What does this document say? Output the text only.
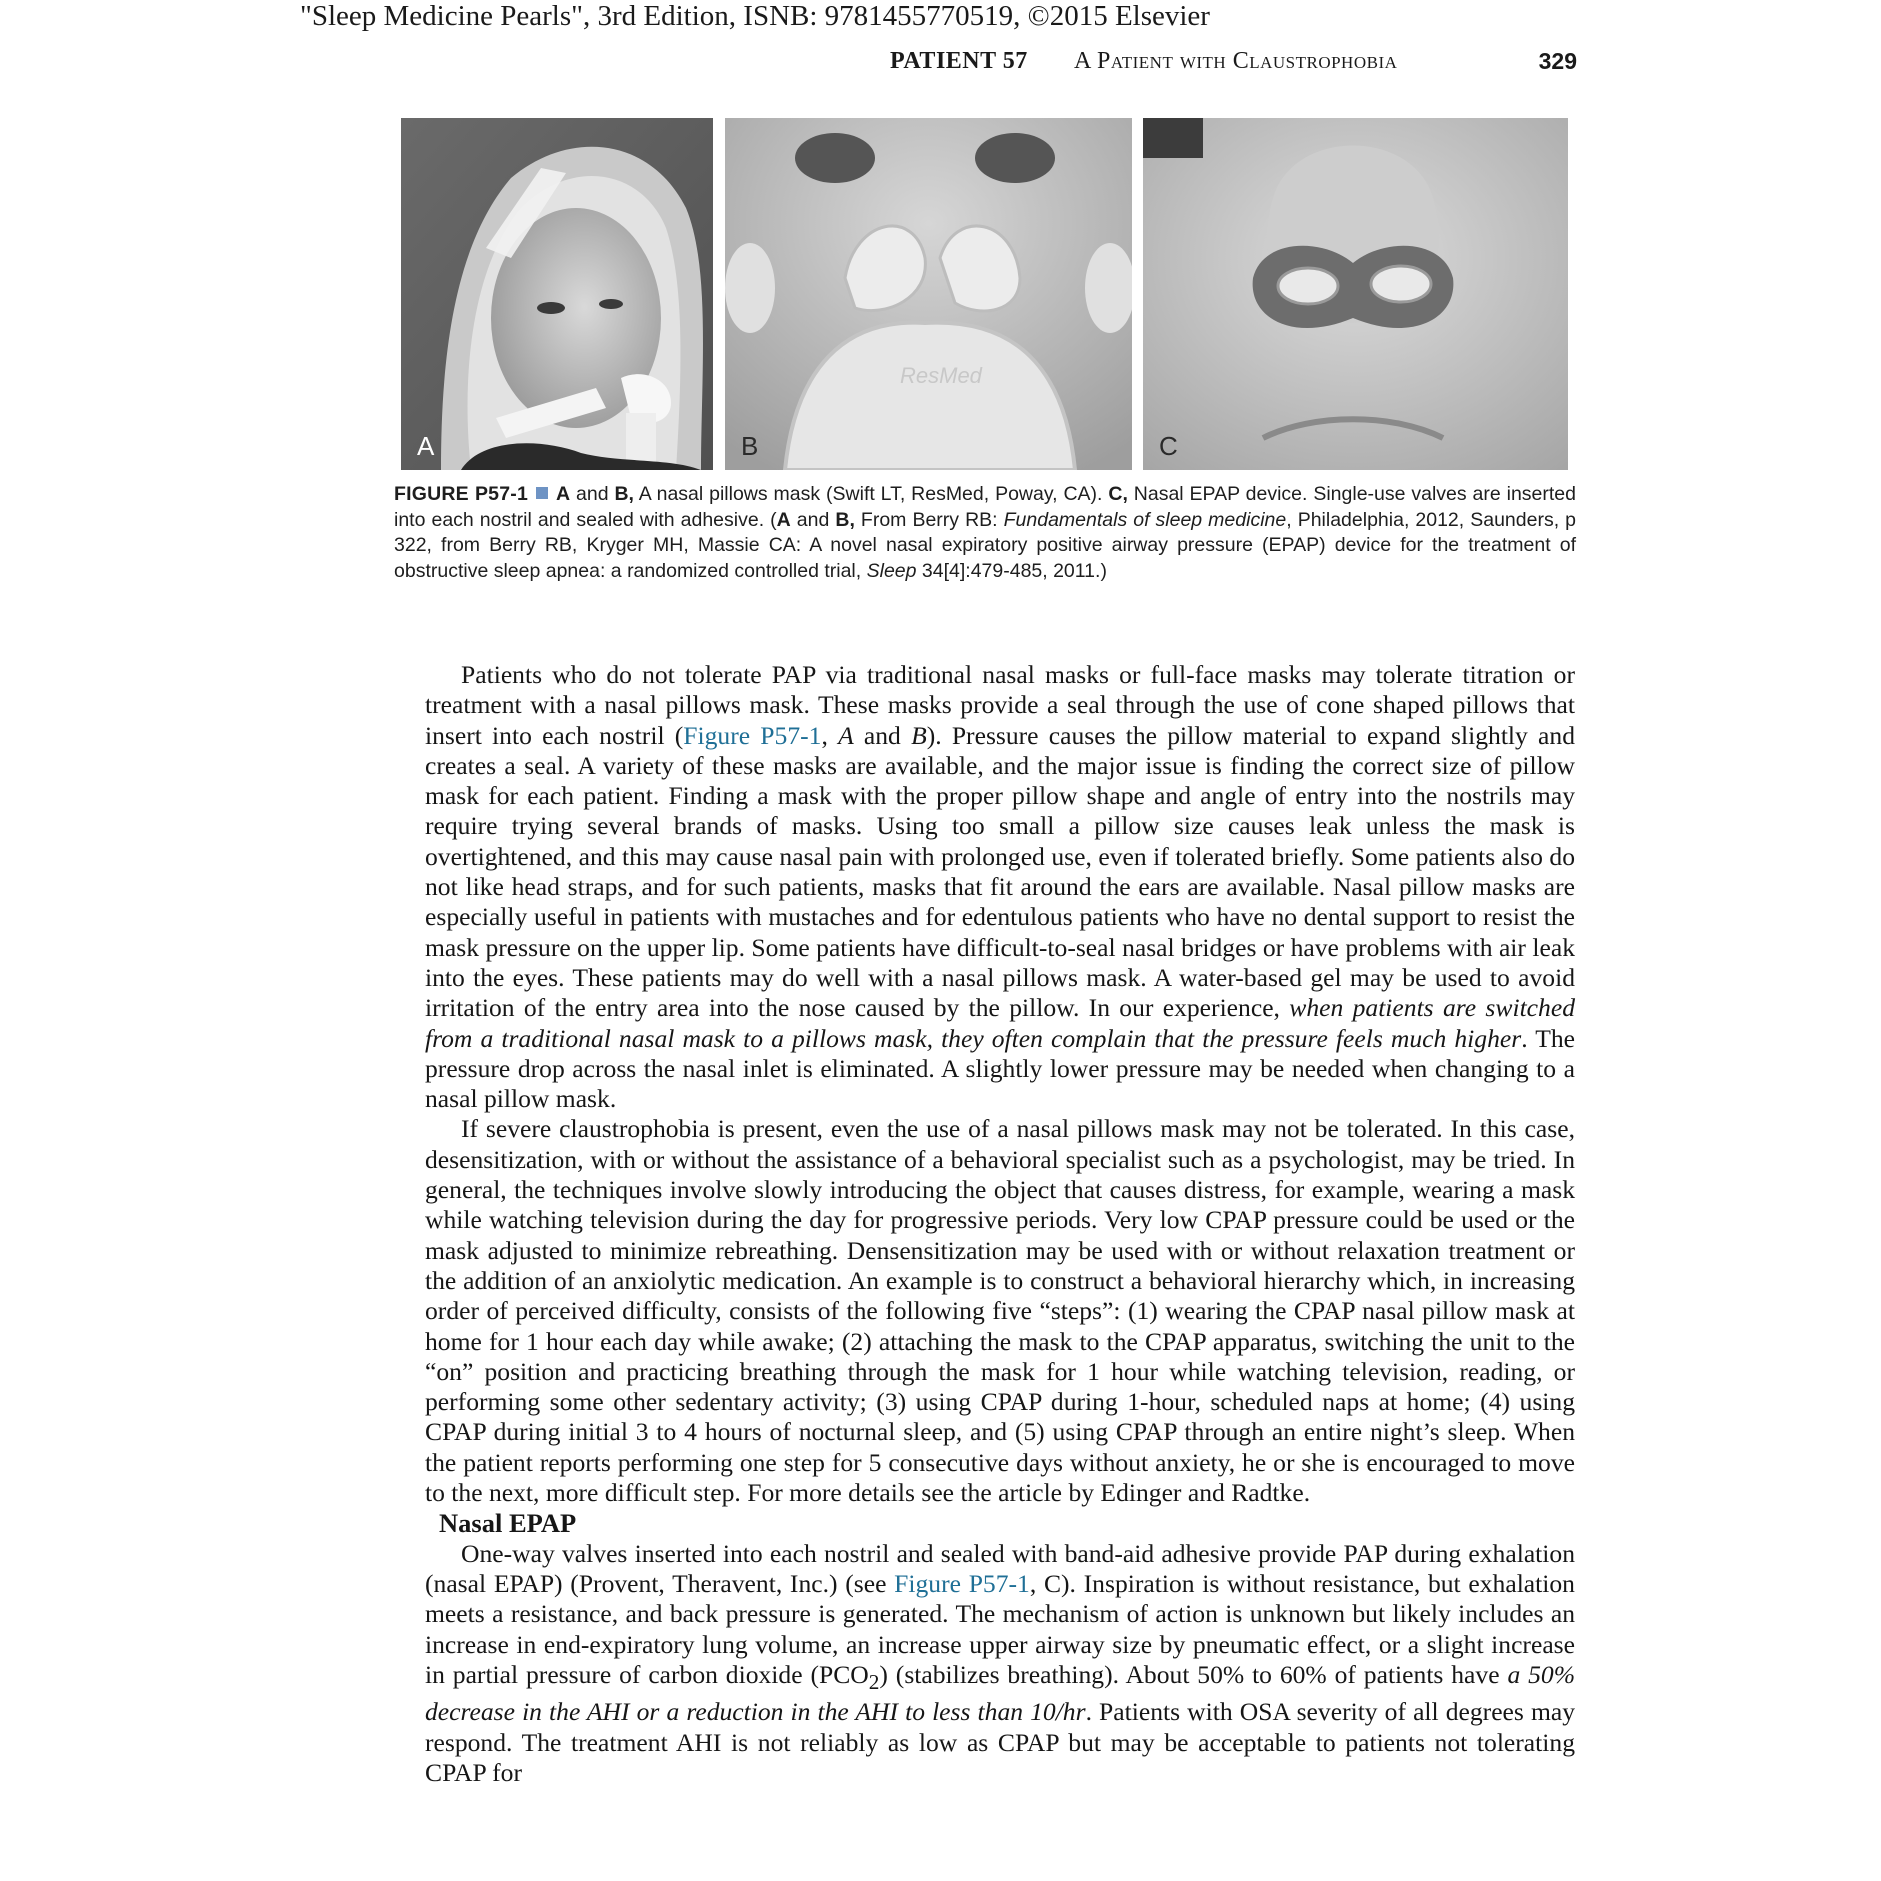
"Sleep Medicine Pearls", 3rd Edition, ISNB: 9781455770519, ©2015 Elsevier
PATIENT 57 A Patient with Claustrophobia	329
A
ResMed
B	C
FIGURE P57-1 A and B, A nasal pillows mask (Swift LT, ResMed, Poway, CA). C, Nasal EPAP device. Single-use valves are inserted into each nostril and sealed with adhesive. (A and B, From Berry RB: Fundamentals of sleep medicine, Philadelphia, 2012, Saunders, p 322, from Berry RB, Kryger MH, Massie CA: A novel nasal expiratory positive airway pressure (EPAP) device for the treatment of obstructive sleep apnea: a randomized controlled trial, Sleep 34[4]:479-485, 2011.)

Patients who do not tolerate PAP via traditional nasal masks or full-face masks may tolerate titration or treatment with a nasal pillows mask. These masks provide a seal through the use of cone shaped pillows that insert into each nostril (Figure P57-1, A and B). Pressure causes the pillow material to expand slightly and creates a seal. A variety of these masks are available, and the major issue is finding the correct size of pillow mask for each patient. Finding a mask with the proper pillow shape and angle of entry into the nostrils may require trying several brands of masks. Using too small a pillow size causes leak unless the mask is overtightened, and this may cause nasal pain with prolonged use, even if tolerated briefly. Some patients also do not like head straps, and for such patients, masks that fit around the ears are available. Nasal pillow masks are especially useful in patients with mustaches and for edentulous patients who have no dental support to resist the mask pressure on the upper lip. Some patients have difficult-to-seal nasal bridges or have problems with air leak into the eyes. These patients may do well with a nasal pillows mask. A water-based gel may be used to avoid irritation of the entry area into the nose caused by the pillow. In our experience, when patients are switched from a traditional nasal mask to a pillows mask, they often complain that the pressure feels much higher. The pressure drop across the nasal inlet is eliminated. A slightly lower pressure may be needed when changing to a nasal pillow mask.

If severe claustrophobia is present, even the use of a nasal pillows mask may not be tolerated. In this case, desensitization, with or without the assistance of a behavioral specialist such as a psychologist, may be tried. In general, the techniques involve slowly introducing the object that causes distress, for example, wearing a mask while watching television during the day for progressive periods. Very low CPAP pressure could be used or the mask adjusted to minimize rebreathing. Densensitization may be used with or without relaxation treatment or the addition of an anxiolytic medication. An example is to construct a behavioral hierarchy which, in increasing order of perceived difficulty, consists of the following five “steps”: (1) wearing the CPAP nasal pillow mask at home for 1 hour each day while awake; (2) attaching the mask to the CPAP apparatus, switching the unit to the “on” position and practicing breathing through the mask for 1 hour while watching television, reading, or performing some other sedentary activity; (3) using CPAP during 1-hour, scheduled naps at home; (4) using CPAP during initial 3 to 4 hours of nocturnal sleep, and (5) using CPAP through an entire night’s sleep. When the patient reports performing one step for 5 consecutive days without anxiety, he or she is encouraged to move to the next, more difficult step. For more details see the article by Edinger and Radtke.

Nasal EPAP

One-way valves inserted into each nostril and sealed with band-aid adhesive provide PAP during exhalation (nasal EPAP) (Provent, Theravent, Inc.) (see Figure P57-1, C). Inspiration is without resistance, but exhalation meets a resistance, and back pressure is generated. The mechanism of action is unknown but likely includes an increase in end-expiratory lung volume, an increase upper airway size by pneumatic effect, or a slight increase in partial pressure of carbon dioxide $(PCO_2)$ (stabilizes breathing). About 50% to 60% of patients have a 50% decrease in the AHI or a reduction in the AHI to less than 10/hr. Patients with OSA severity of all degrees may respond. The treatment AHI is not reliably as low as CPAP but may be acceptable to patients not tolerating CPAP for
